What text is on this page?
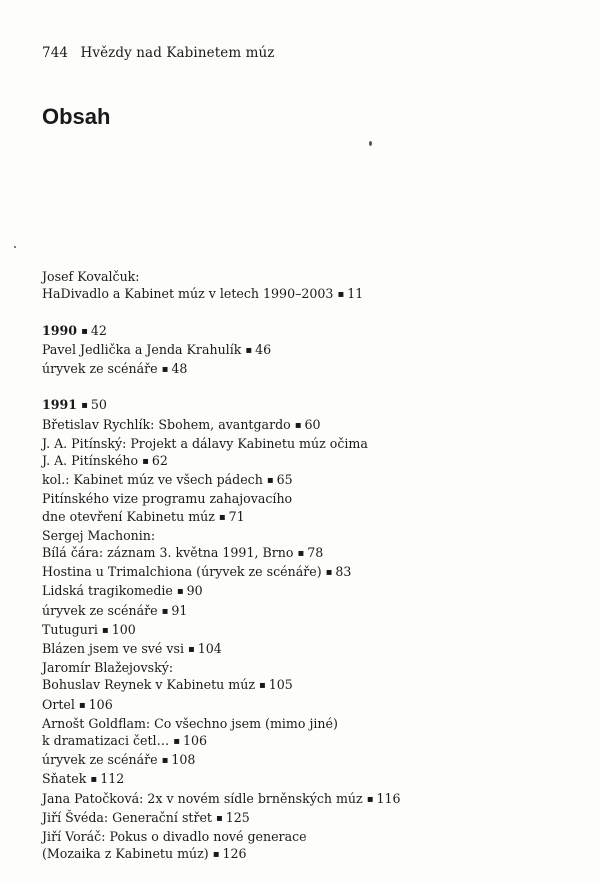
744 Hvězdy nad Kabinetem múz
Obsah
Josef Kovalčuk:
HaDivadlo a Kabinet múz v letech 1990–2003 ▪ 11
1990 ▪ 42
Pavel Jedlička a Jenda Krahulík ▪ 46
úryvek ze scénáře ▪ 48
1991 ▪ 50
Břetislav Rychlík: Sbohem, avantgardo ▪ 60
J. A. Pitínský: Projekt a dálavy Kabinetu múz očima
J. A. Pitínského ▪ 62
kol.: Kabinet múz ve všech pádech ▪ 65
Pitínského vize programu zahajovacího
dne otevření Kabinetu múz ▪ 71
Sergej Machonin:
Bílá čára: záznam 3. května 1991, Brno ▪ 78
Hostina u Trimalchiona (úryvek ze scénáře) ▪ 83
Lidská tragikomedie ▪ 90
úryvek ze scénáře ▪ 91
Tutuguri ▪ 100
Blázen jsem ve své vsi ▪ 104
Jaromír Blažejovský:
Bohuslav Reynek v Kabinetu múz ▪ 105
Ortel ▪ 106
Arnošt Goldflam: Co všechno jsem (mimo jiné)
k dramatizaci četl… ▪ 106
úryvek ze scénáře ▪ 108
Sňatek ▪ 112
Jana Patočková: 2x v novém sídle brněnských múz ▪ 116
Jiří Švéda: Generační střet ▪ 125
Jiří Voráč: Pokus o divadlo nové generace
(Mozaika z Kabinetu múz) ▪ 126
